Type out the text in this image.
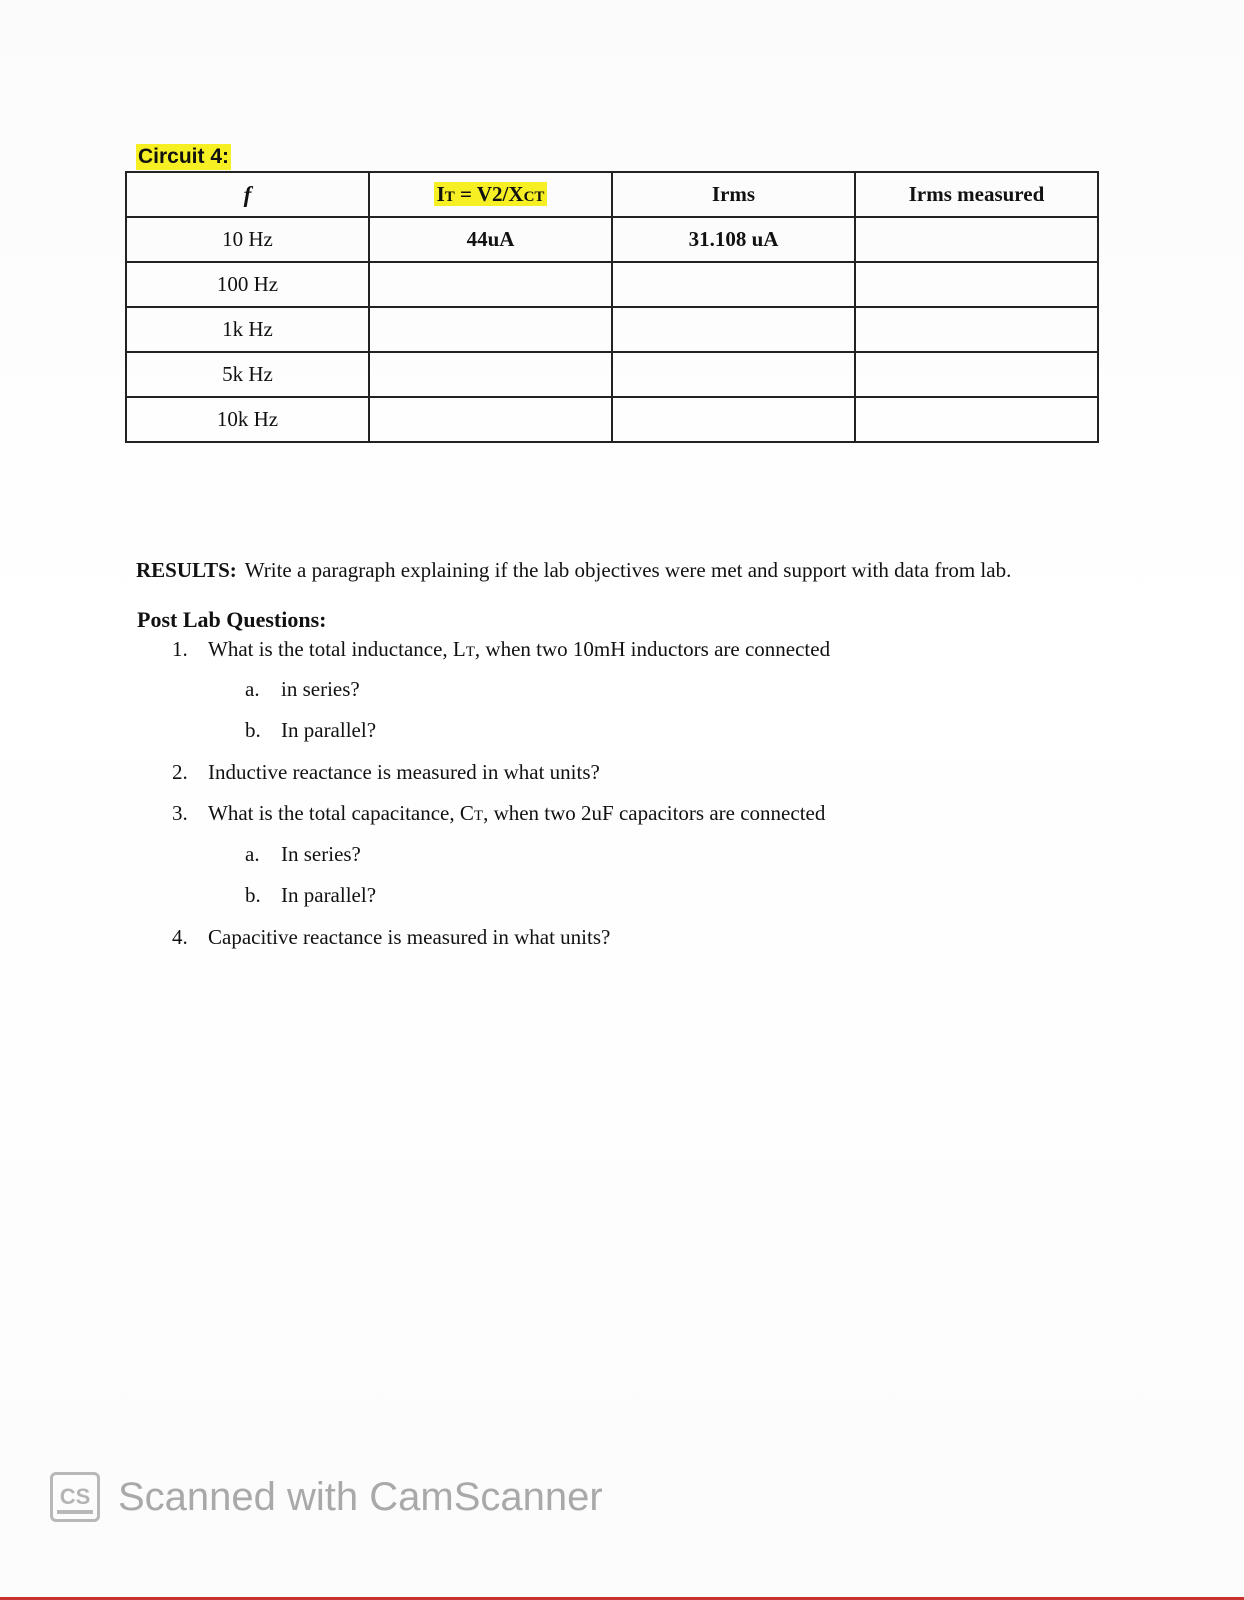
Circuit 4:
f	IT = V2/XCT	Irms	Irms measured
10 Hz	44uA	31.108 uA	
100 Hz			
1k Hz			
5k Hz			
10k Hz			
RESULTS: Write a paragraph explaining if the lab objectives were met and support with data from lab.
Post Lab Questions:
1. What is the total inductance, LT, when two 10mH inductors are connected
a. in series?
b. In parallel?
2. Inductive reactance is measured in what units?
3. What is the total capacitance, CT, when two 2uF capacitors are connected
a. In series?
b. In parallel?
4. Capacitive reactance is measured in what units?
CS Scanned with CamScanner
